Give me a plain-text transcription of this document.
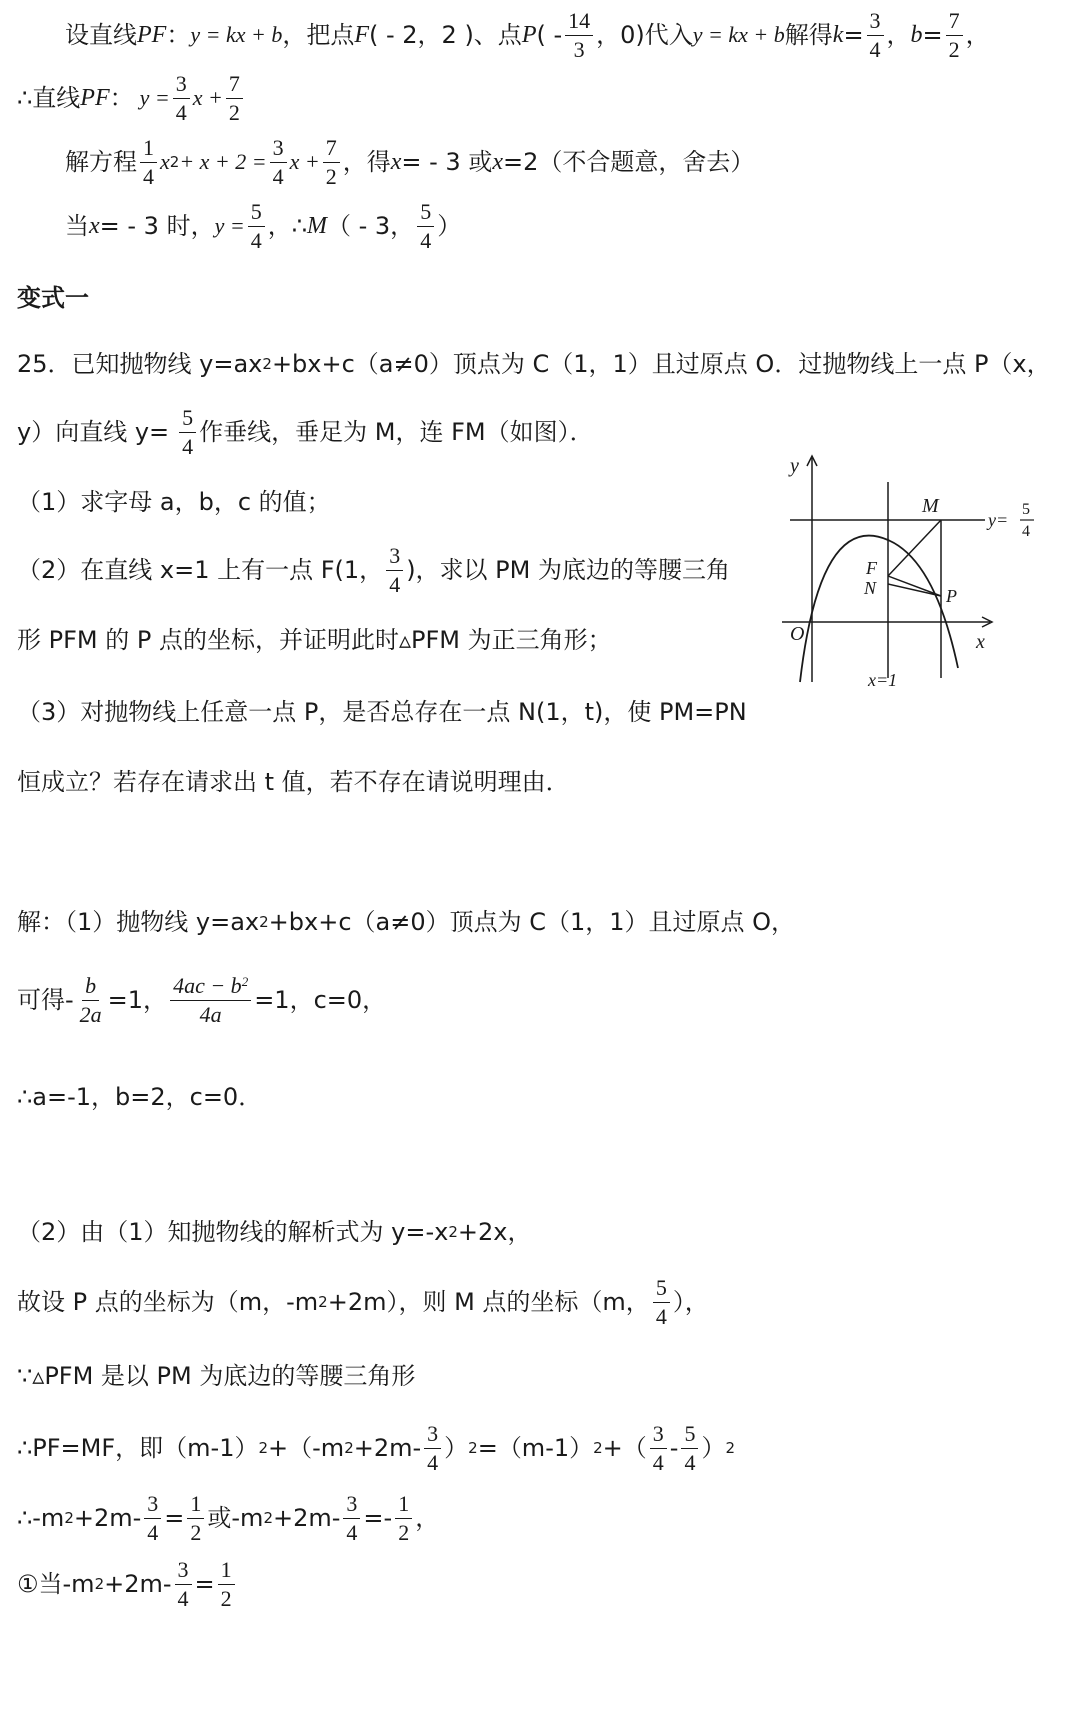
设直线 PF ： y = kx + b ，把点 F ( - 2，2 )、点 P ( - $\frac{14}{3}$ ，0)代入 y = kx + b 解得 $k = \frac{3}{4}$ ， $b = \frac{7}{2}$ ，
∴直线 PF ： $y = \frac{3}{4}$ $x + \frac{7}{2}$
解方程 $\frac{1}{4}$ x $2 + x + 2 = \frac{3}{4}$ $x + \frac{7}{2}$ ，得 x = - 3 或 x =2（不合题意，舍去）
当 x = - 3 时， $y = \frac{5}{4}$ ，∴ M （ - 3， $\frac{5}{4}$ ）
变式一
25．已知抛物线 y=ax 2 +bx+c（a≠0）顶点为 C（1，1）且过原点 O．过抛物线上一点 P（x，
y）向直线 $y= \frac{5}{4}$ 作垂线，垂足为 M，连 FM（如图）．
（1）求字母 a，b，c 的值；
（2）在直线 x=1 上有一点 F(1， $\frac{3}{4}$ )，求以 PM 为底边的等腰三角
形 PFM 的 P 点的坐标，并证明此时▵PFM 为正三角形；
（3）对抛物线上任意一点 P，是否总存在一点 N(1，t)，使 PM=PN
恒成立？若存在请求出 t 值，若不存在请说明理由．
y
x
O
M
F
N	P
y=
5
4
x=1
解：（1）抛物线 y=ax 2 +bx+c（a≠0）顶点为 C（1，1）且过原点 O，
可得- $\frac{b}{2a} =1$， $\frac{4ac - b^2}{4a} =1$，c=0，
∴a=-1，b=2，c=0．
（2）由（1）知抛物线的解析式为 y=-x 2 +2x，
故设 P 点的坐标为（m，-m 2 +2m），则 M 点的坐标（m， $\frac{5}{4}$ ），
∵▵PFM 是以 PM 为底边的等腰三角形
∴PF=MF，即（m-1） 2 +（-m $2 +2m- \frac{3}{4}$ ） 2 =（m-1） 2 +（ $\frac{3}{4} - \frac{5}{4}$ ） 2
∴-m $2 +2m- \frac{3}{4} = \frac{1}{2}$ 或-m $2 +2m- \frac{3}{4} =- \frac{1}{2}$ ，
①当-m $2 +2m- \frac{3}{4} = \frac{1}{2}$
